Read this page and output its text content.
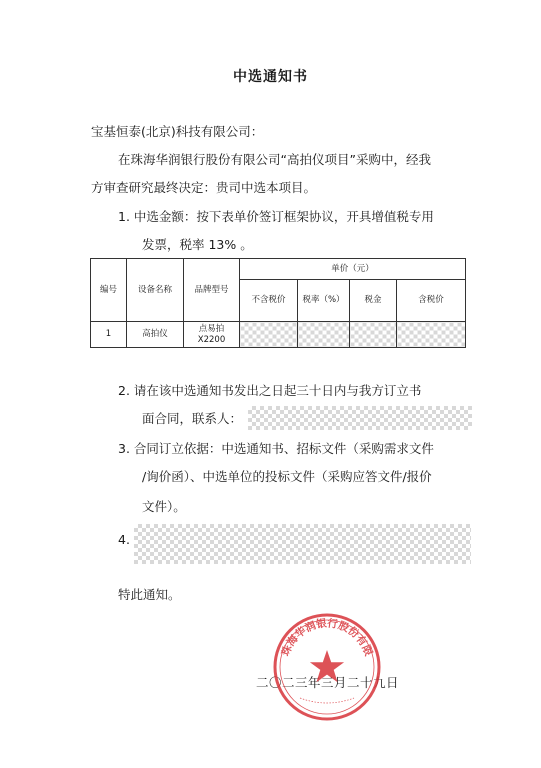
中选通知书
宝基恒泰(北京)科技有限公司：
在珠海华润银行股份有限公司“高拍仪项目”采购中，经我
方审查研究最终决定：贵司中选本项目。
1. 中选金额：按下表单价签订框架协议，开具增值税专用
发票，税率 13% 。
编号	设备名称	品牌型号	单价（元）			
			不含税价	税率（%）	税金	含税价
1	高拍仪	点易拍
X2200				

2. 请在该中选通知书发出之日起三十日内与我方订立书
面合同，联系人：
3. 合同订立依据：中选通知书、招标文件（采购需求文件
/询价函）、中选单位的投标文件（采购应答文件/报价
文件）。
4.
特此通知。
二〇二三年三月二十九日
珠海华润银行股份有限
